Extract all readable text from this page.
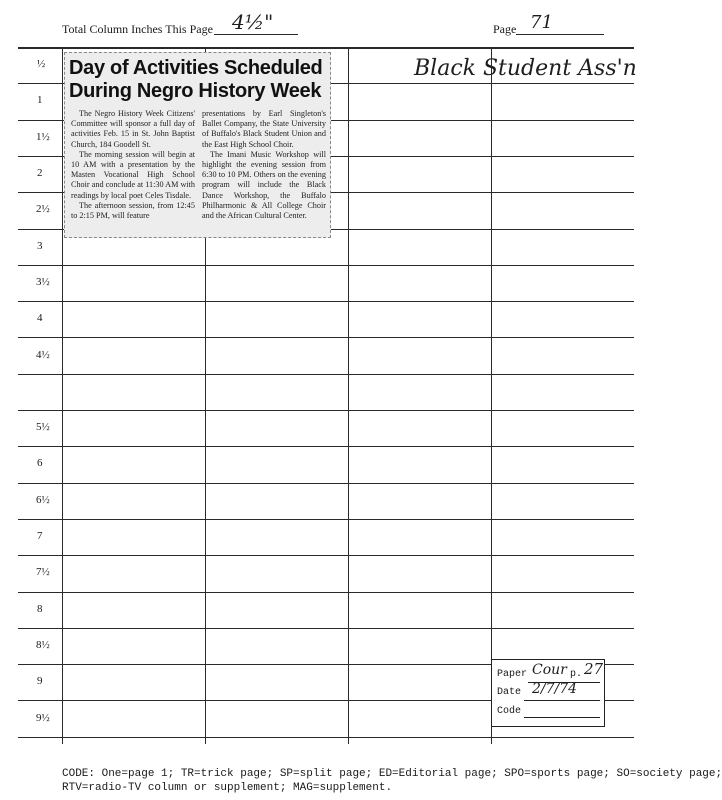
Total Column Inches This Page 4½"	Page 71
½
1
1½
2
2½
3
3½
4
4½
5½
6
6½
7
7½
8
8½
9
9½
Day of Activities Scheduled
During Negro History Week

The Negro History Week Citizens' Committee will sponsor a full day of activities Feb. 15 in St. John Baptist Church, 184 Goodell St.

The morning session will begin at 10 AM with a presentation by the Masten Vocational High School Choir and conclude at 11:30 AM with readings by local poet Celes Tisdale.

The afternoon session, from 12:45 to 2:15 PM, will feature

presentations by Earl Singleton's Ballet Company, the State University of Buffalo's Black Student Union and the East High School Choir.

The Imani Music Workshop will highlight the evening session from 6:30 to 10 PM. Others on the evening program will include the Black Dance Workshop, the Buffalo Philharmonic & All College Choir and the African Cultural Center.

Black Student Ass'n
Paper Cour p. 27
Date 2/7/74
Code
CODE: One=page 1; TR=trick page; SP=split page; ED=Editorial page; SPO=sports page; SO=society page;
RTV=radio-TV column or supplement; MAG=supplement.
